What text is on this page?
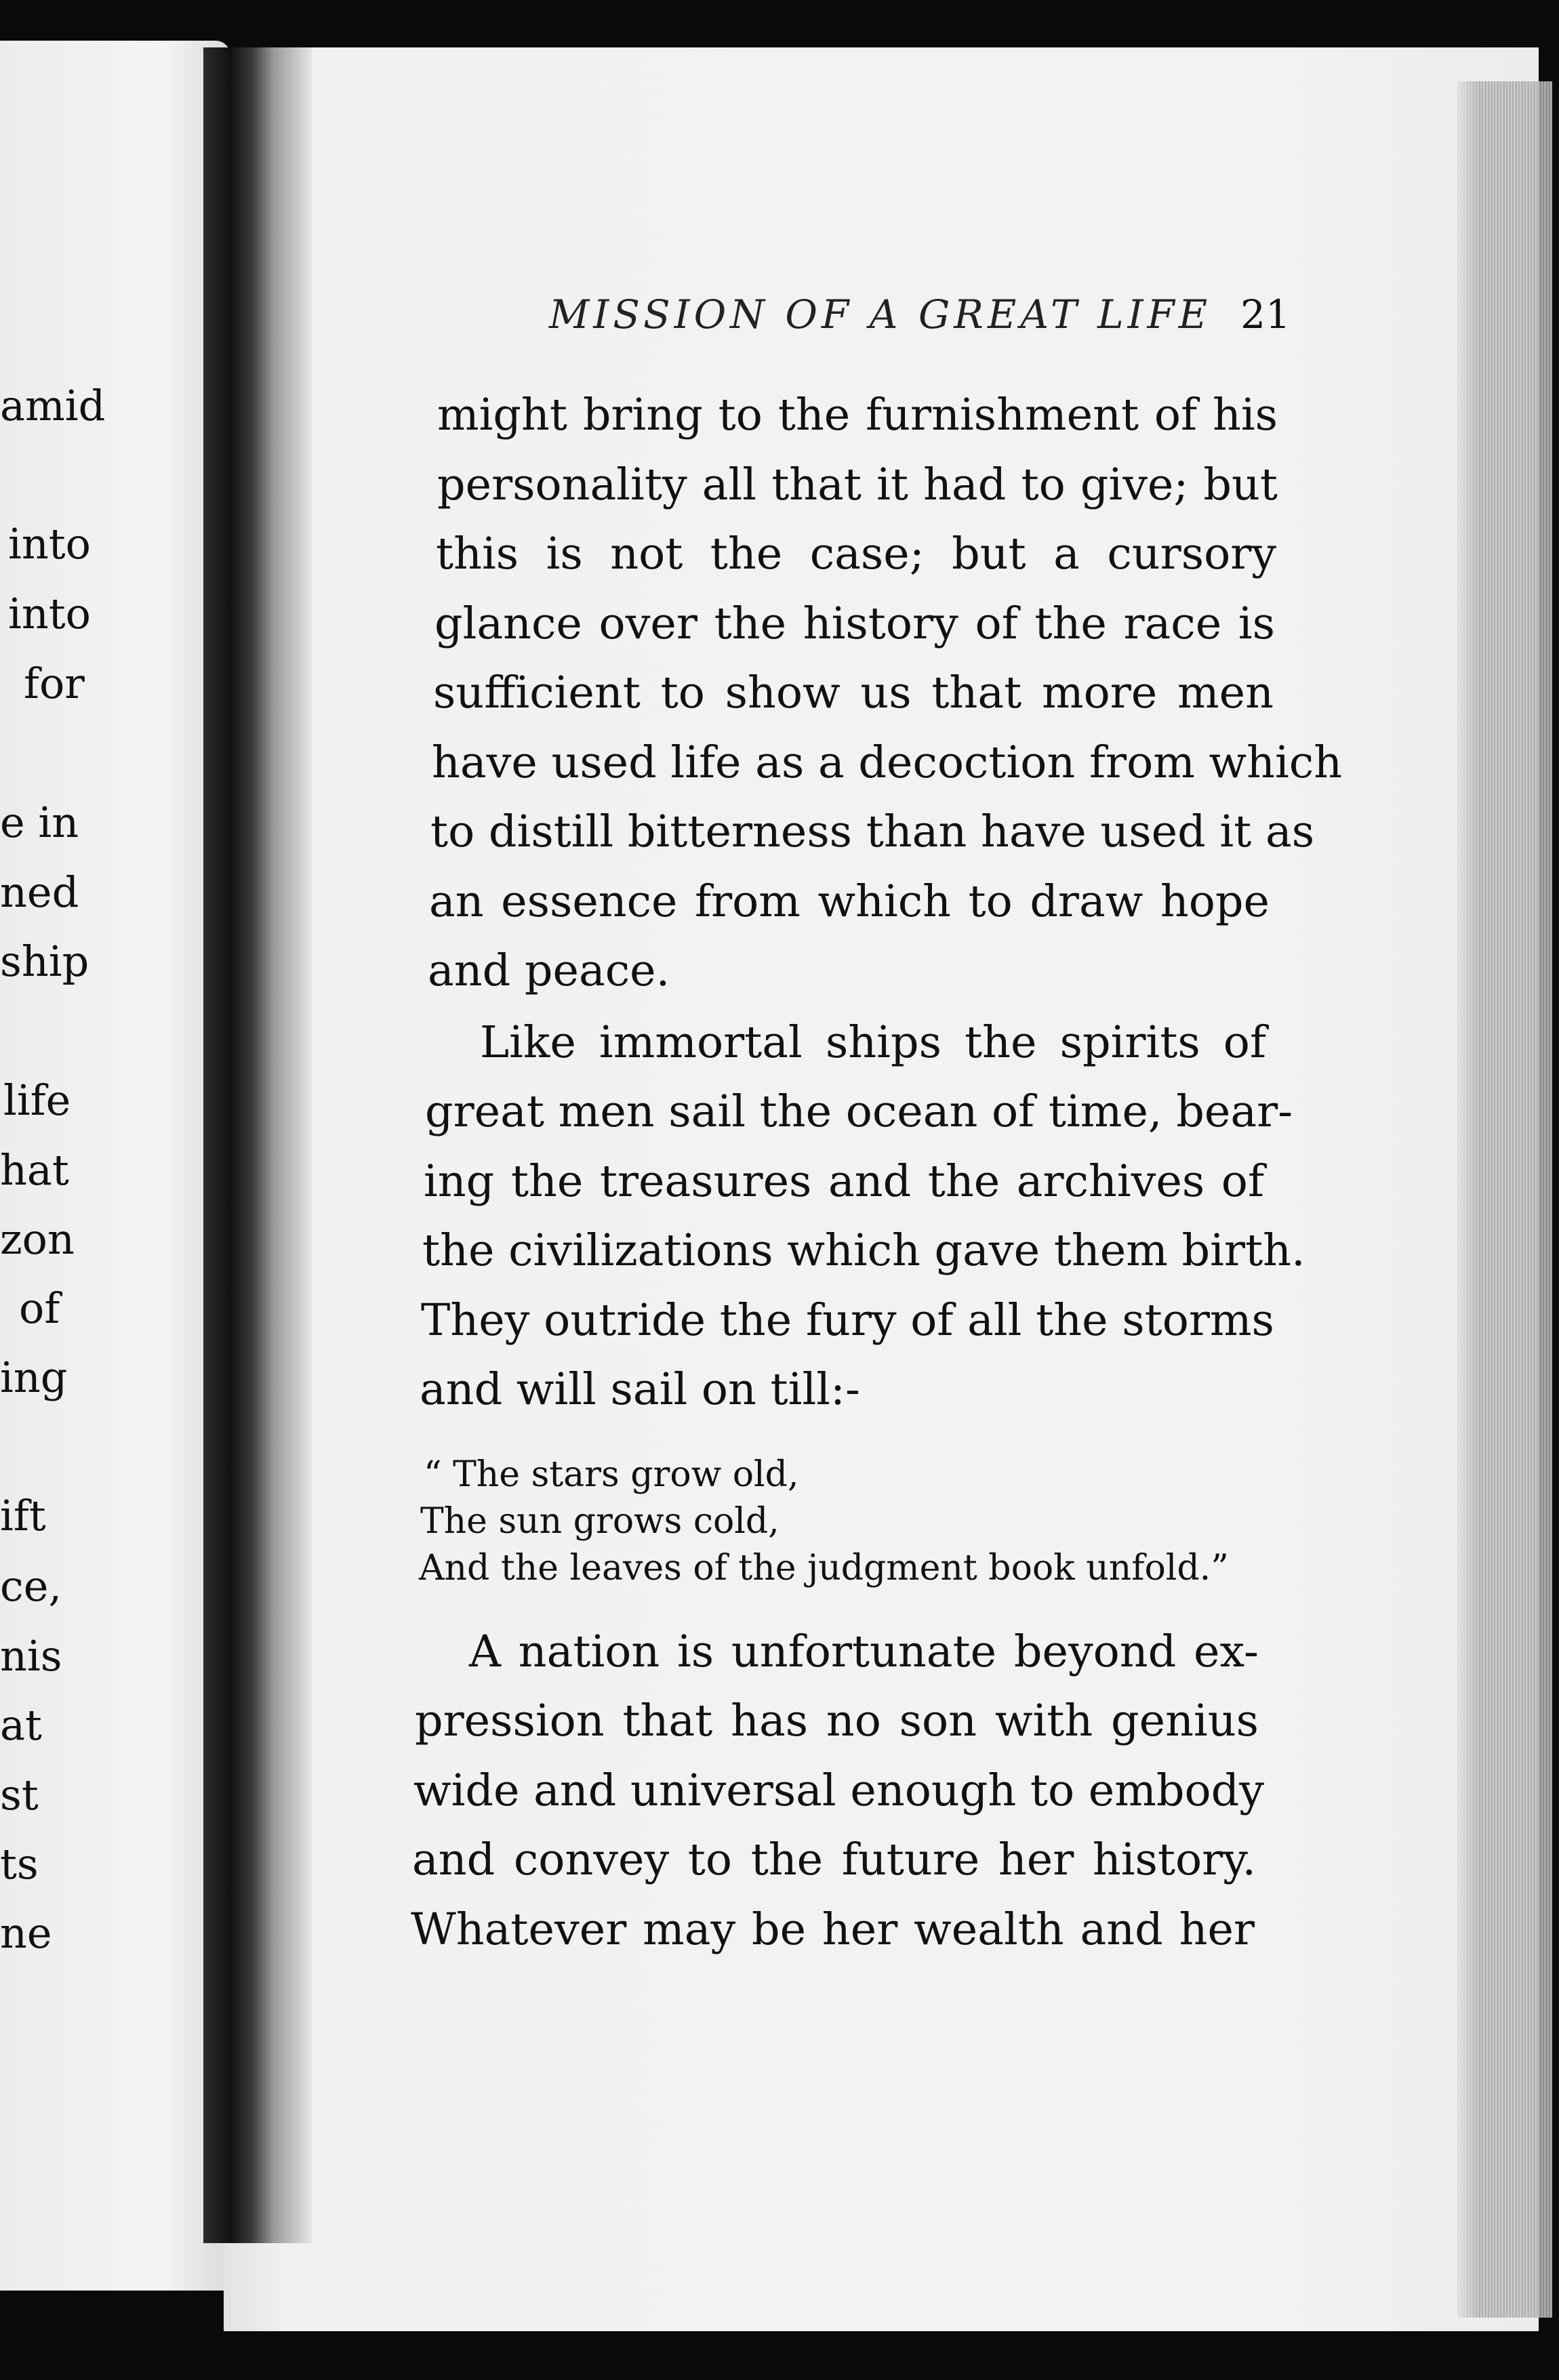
amid
into
into
for
e in
ned
ship
life
hat
zon
of
ing
ift
ce,
nis
at
st
ts
ne
MISSION OF A GREAT LIFE 21
might bring to the furnishment of his
personality all that it had to give; but
this is not the case; but a cursory
glance over the history of the race is
sufficient to show us that more men
have used life as a decoction from which
to distill bitterness than have used it as
an essence from which to draw hope
and peace.
Like immortal ships the spirits of
great men sail the ocean of time, bear-
ing the treasures and the archives of
the civilizations which gave them birth.
They outride the fury of all the storms
and will sail on till:-
“ The stars grow old,
The sun grows cold,
And the leaves of the judgment book unfold.”
A nation is unfortunate beyond ex-
pression that has no son with genius
wide and universal enough to embody
and convey to the future her history.
Whatever may be her wealth and her
